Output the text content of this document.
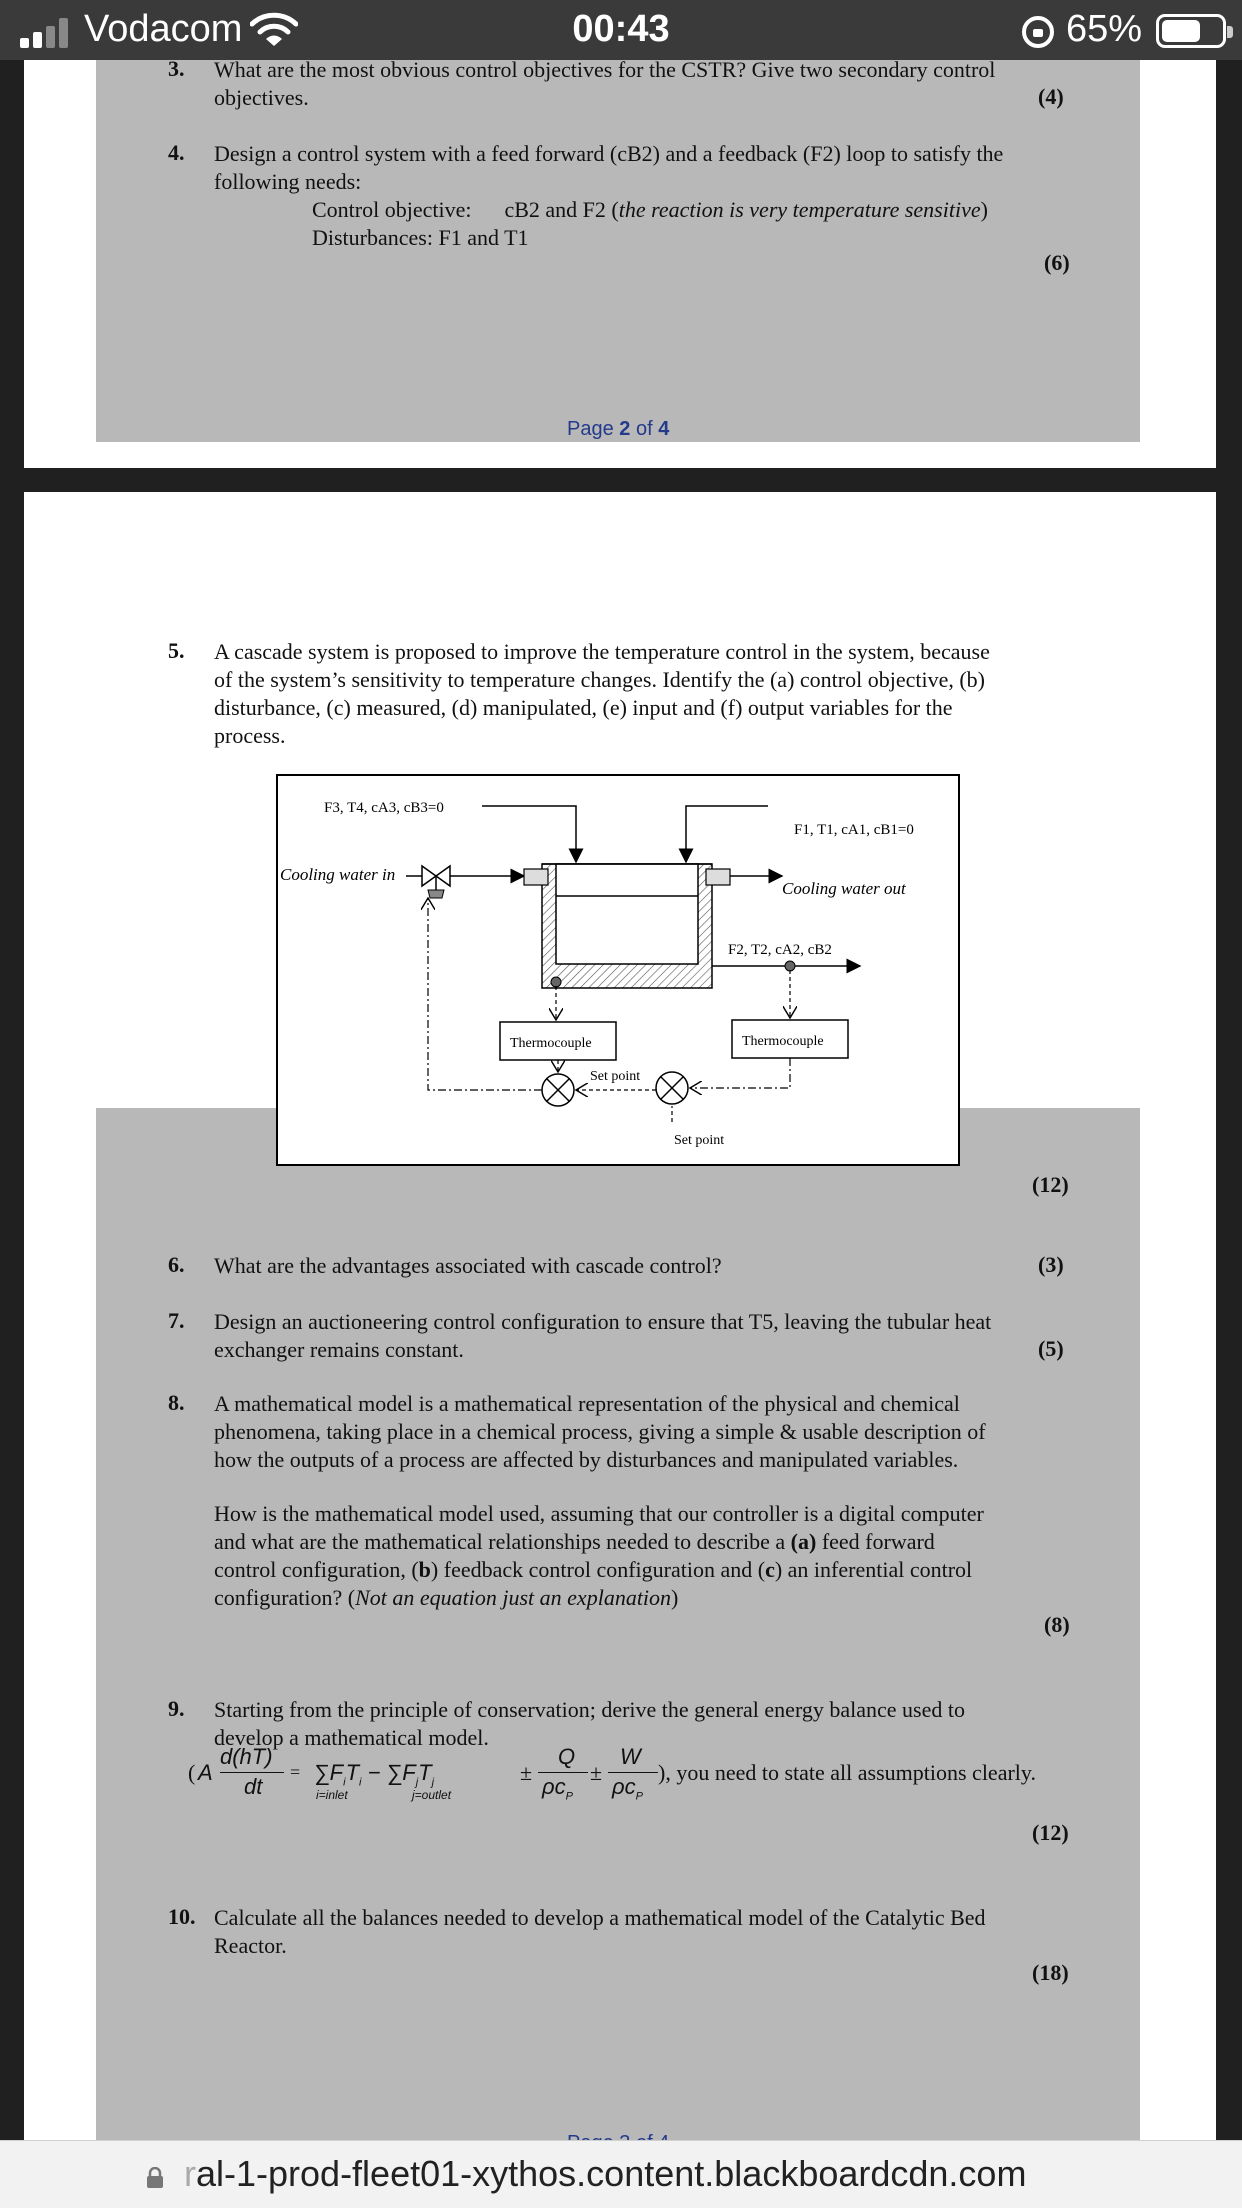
Vodacom	00:43	65%
3. What are the most obvious control objectives for the CSTR? Give two secondary control
objectives.	(4)
4. Design a control system with a feed forward (cB2) and a feedback (F2) loop to satisfy the
following needs:
Control objective: cB2 and F2 (the reaction is very temperature sensitive)
Disturbances: F1 and T1
(6)
Page 2 of 4
5. A cascade system is proposed to improve the temperature control in the system, because
of the system’s sensitivity to temperature changes. Identify the (a) control objective, (b)
disturbance, (c) measured, (d) manipulated, (e) input and (f) output variables for the
process.
F3, T4, cA3, cB3=0
F1, T1, cA1, cB1=0
Cooling water in
Cooling water out
F2, T2, cA2, cB2
Thermocouple	Thermocouple
Set point
Set point
(12)
6. What are the advantages associated with cascade control?	(3)
7. Design an auctioneering control configuration to ensure that T5, leaving the tubular heat
exchanger remains constant.	(5)
8. A mathematical model is a mathematical representation of the physical and chemical
phenomena, taking place in a chemical process, giving a simple & usable description of
how the outputs of a process are affected by disturbances and manipulated variables.
How is the mathematical model used, assuming that our controller is a digital computer
and what are the mathematical relationships needed to describe a (a) feed forward
control configuration, (b) feedback control configuration and (c) an inferential control
configuration? (Not an equation just an explanation)
(8)
9. Starting from the principle of conservation; derive the general energy balance used to
develop a mathematical model.
( A
d(hT)
dt
= $\sum F_iT_i - \sum F_jT_j$	±
Q
$\rho c_P$
±
W
$\rho c_P$
i=inlet	j=outlet
), you need to state all assumptions clearly.
(12)
10. Calculate all the balances needed to develop a mathematical model of the Catalytic Bed
Reactor.
(18)
ral-1-prod-fleet01-xythos.content.blackboardcdn.com
